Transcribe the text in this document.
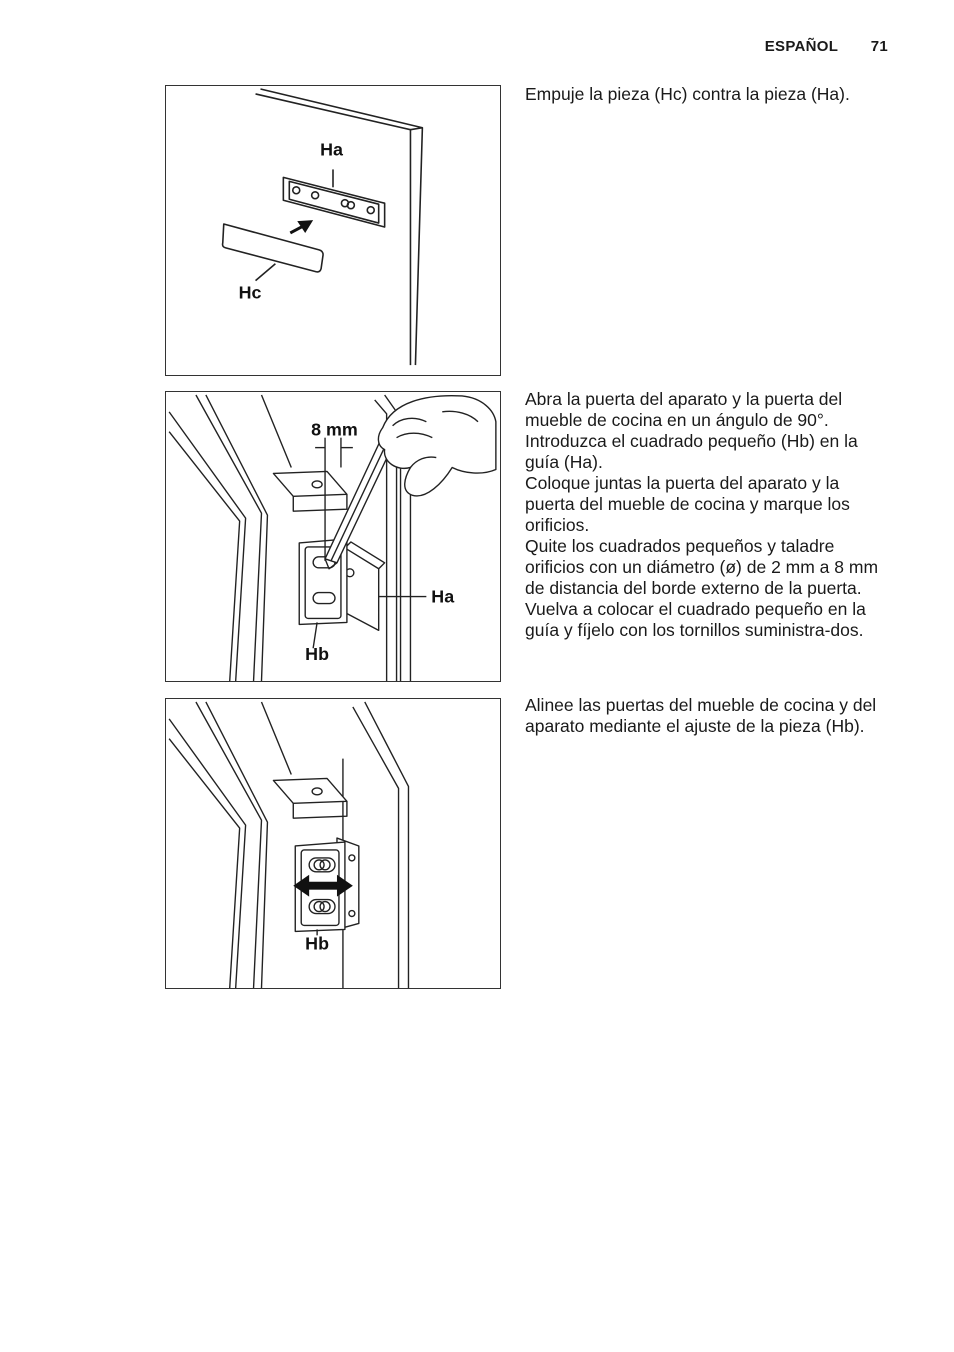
ESPAÑOL 71
Ha
Hc
8 mm
Ha
Hb
Hb

Empuje la pieza (Hc) contra la pieza (Ha).

Abra la puerta del aparato y la puerta del mueble de cocina en un ángulo de 90°. Introduzca el cuadrado pequeño (Hb) en la guía (Ha).

Coloque juntas la puerta del aparato y la puerta del mueble de cocina y marque los orificios.

Quite los cuadrados pequeños y taladre orificios con un diámetro (ø) de 2 mm a 8 mm de distancia del borde externo de la puerta.

Vuelva a colocar el cuadrado pequeño en la guía y fíjelo con los tornillos suministra-dos.

Alinee las puertas del mueble de cocina y del aparato mediante el ajuste de la pieza (Hb).
